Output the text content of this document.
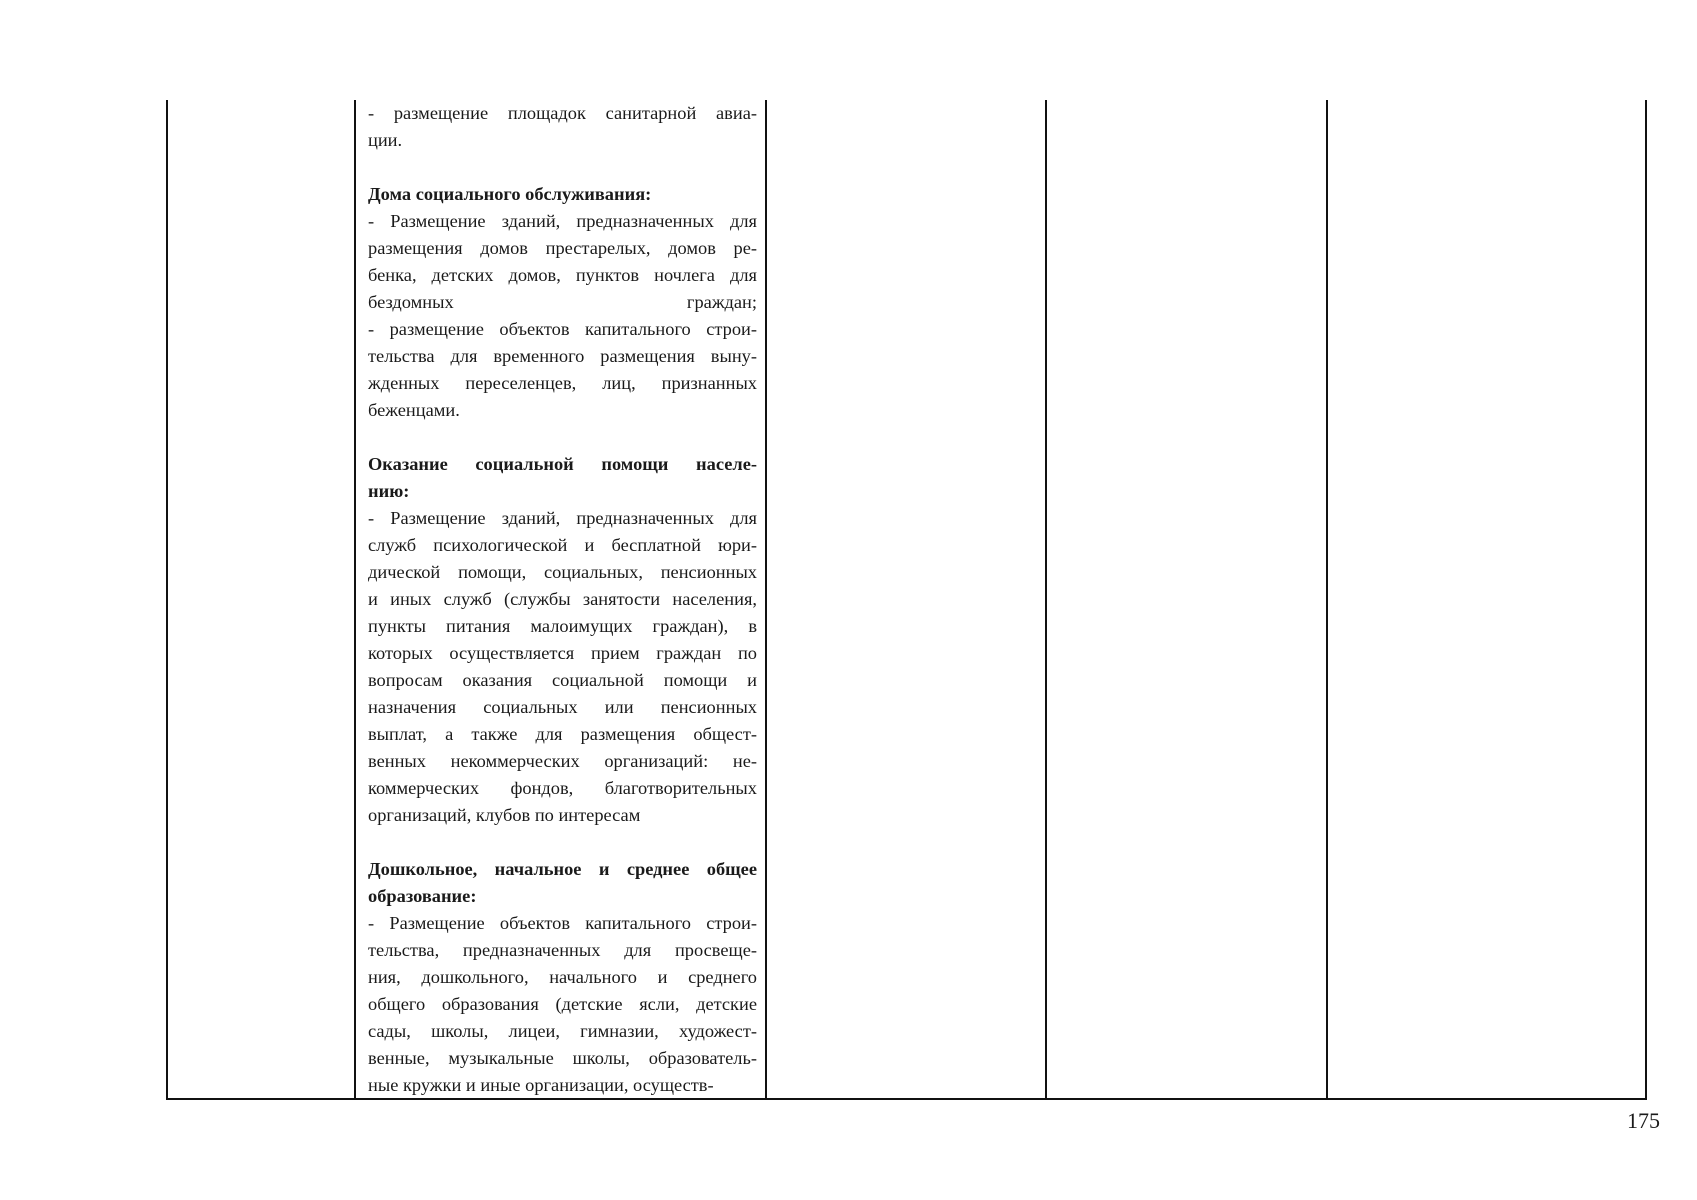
- размещение площадок санитарной авиа-
ции.
Дома социального обслуживания:
- Размещение зданий, предназначенных для
размещения домов престарелых, домов ре-
бенка, детских домов, пунктов ночлега для
бездомных граждан;
- размещение объектов капитального строи-
тельства для временного размещения выну-
жденных переселенцев, лиц, признанных
беженцами.
Оказание социальной помощи населе-
нию:
- Размещение зданий, предназначенных для
служб психологической и бесплатной юри-
дической помощи, социальных, пенсионных
и иных служб (службы занятости населения,
пункты питания малоимущих граждан), в
которых осуществляется прием граждан по
вопросам оказания социальной помощи и
назначения социальных или пенсионных
выплат, а также для размещения общест-
венных некоммерческих организаций: не-
коммерческих фондов, благотворительных
организаций, клубов по интересам
Дошкольное, начальное и среднее общее
образование:
- Размещение объектов капитального строи-
тельства, предназначенных для просвеще-
ния, дошкольного, начального и среднего
общего образования (детские ясли, детские
сады, школы, лицеи, гимназии, художест-
венные, музыкальные школы, образователь-
ные кружки и иные организации, осуществ-
175
